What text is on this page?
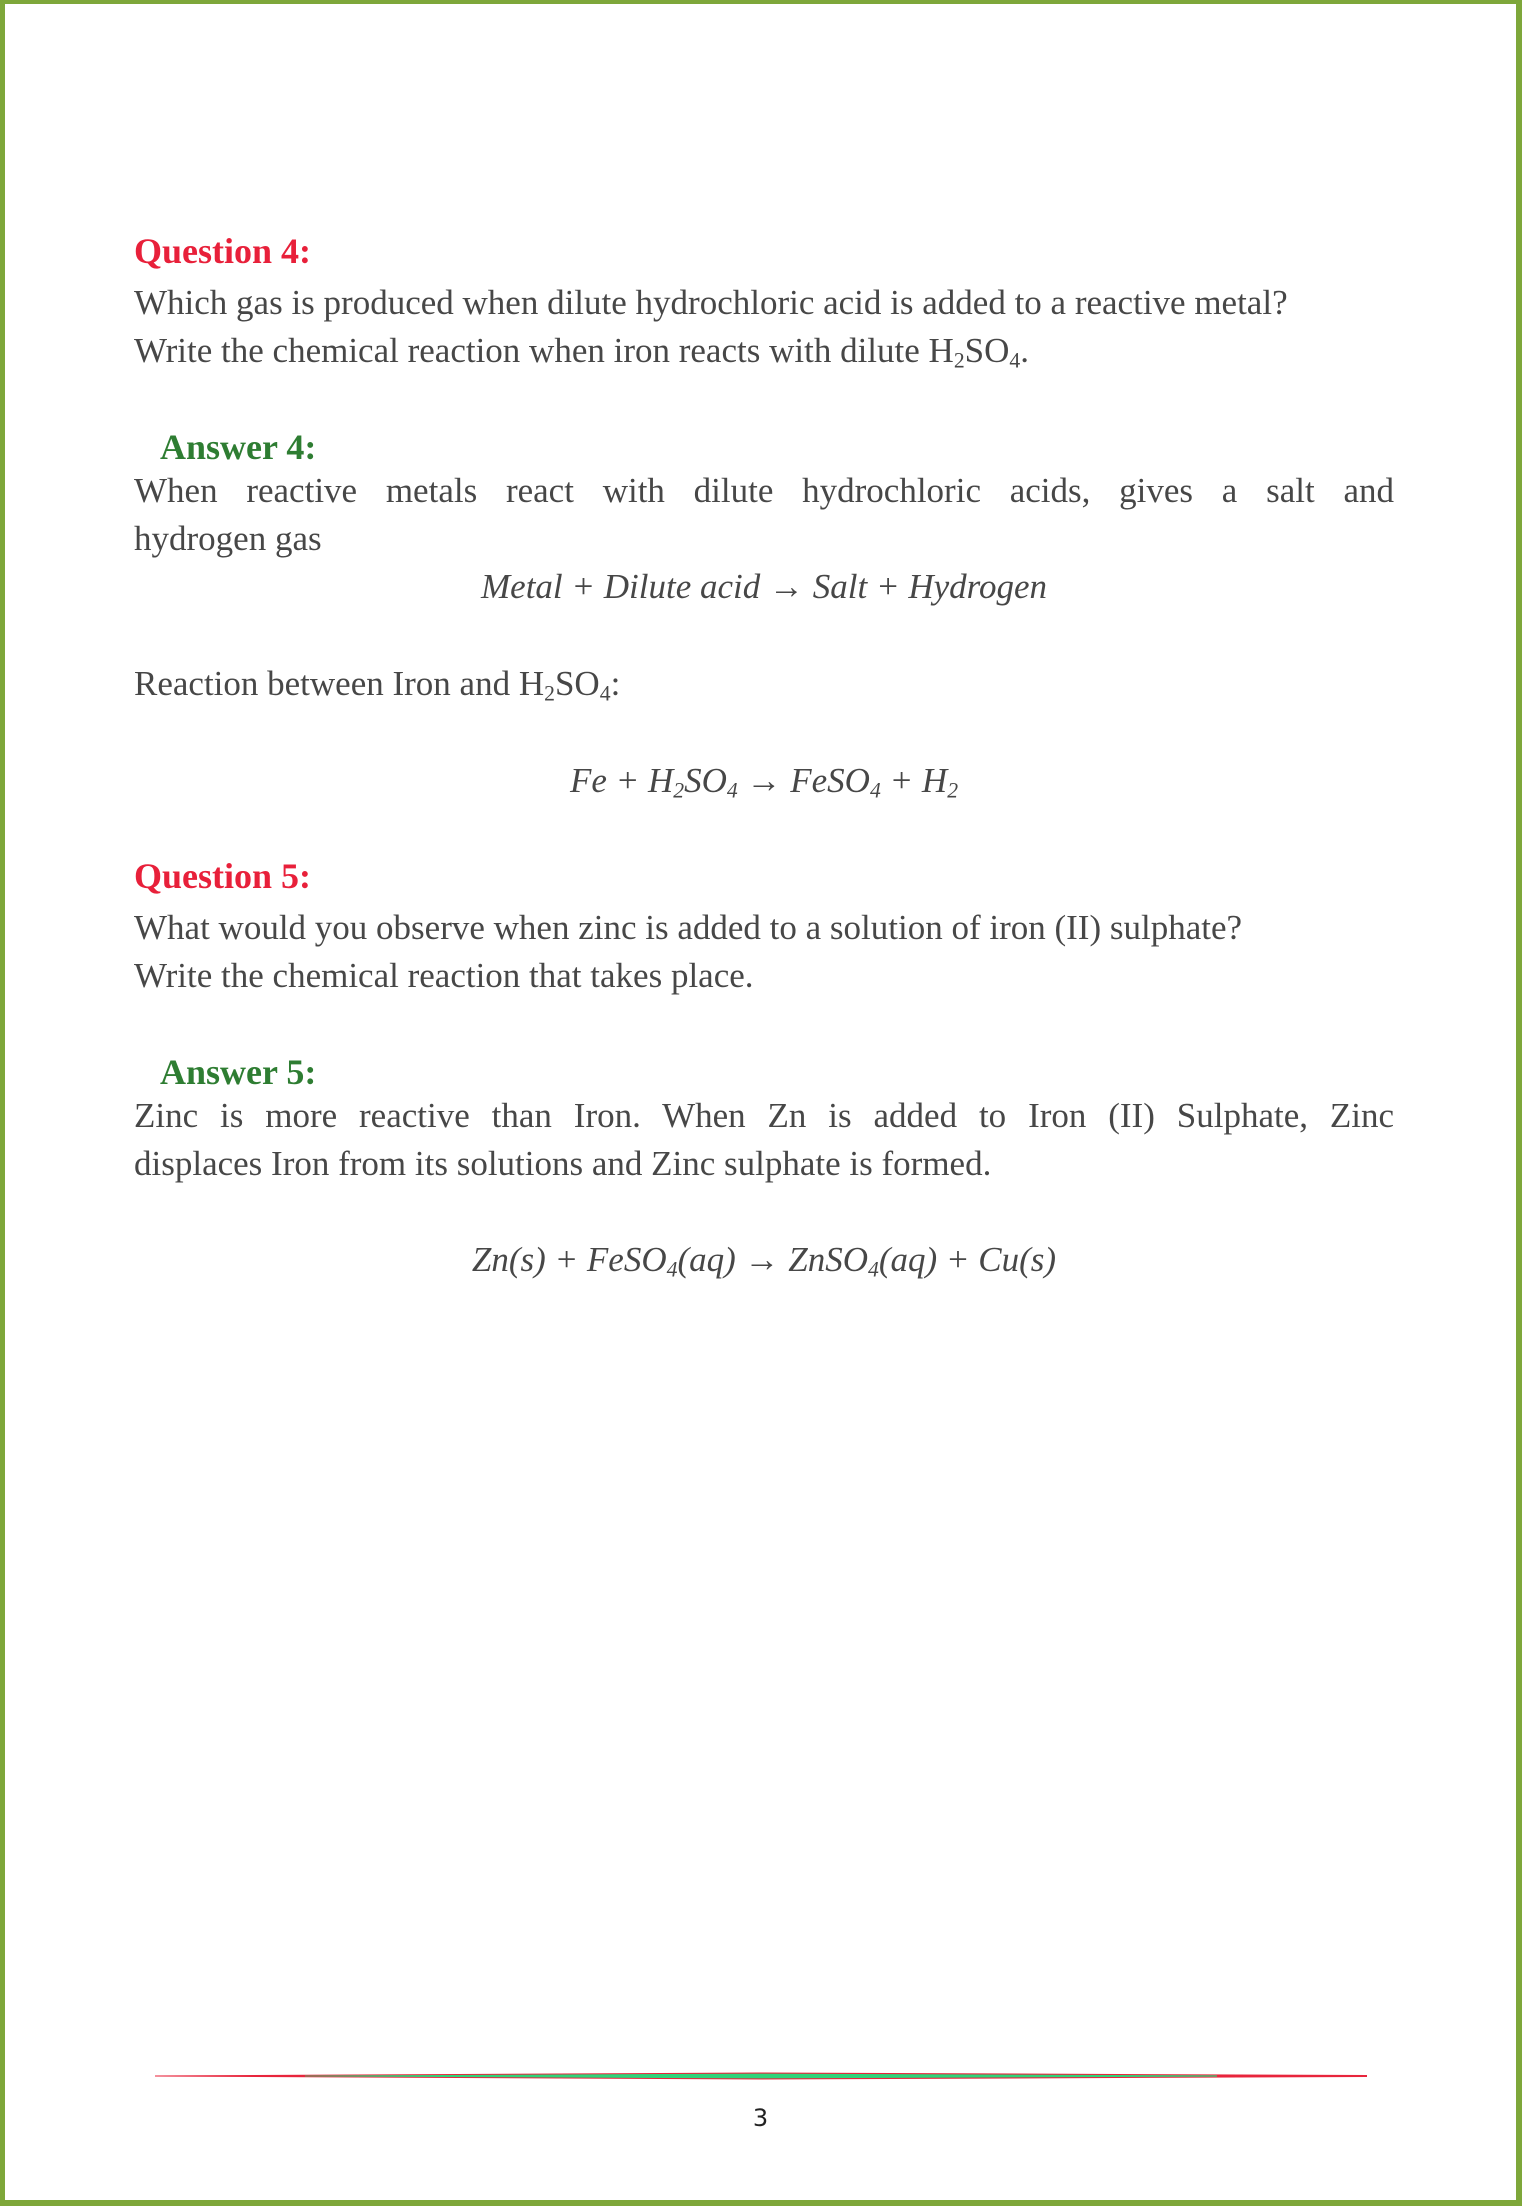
Question 4:
Which gas is produced when dilute hydrochloric acid is added to a reactive metal?
Write the chemical reaction when iron reacts with dilute $H_2SO_4$.
Answer 4:
When reactive metals react with dilute hydrochloric acids, gives a salt and
hydrogen gas
Metal + Dilute acid → Salt + Hydrogen
Reaction between Iron and $H_2SO_4$:
$Fe + H_2SO_4$ → FeSO$_4$ + $H_2$
Question 5:
What would you observe when zinc is added to a solution of iron (II) sulphate?
Write the chemical reaction that takes place.
Answer 5:
Zinc is more reactive than Iron. When Zn is added to Iron (II) Sulphate, Zinc
displaces Iron from its solutions and Zinc sulphate is formed.
Zn(s) + FeSO$_4$(aq) → ZnSO$_4$(aq) + Cu(s)
3
